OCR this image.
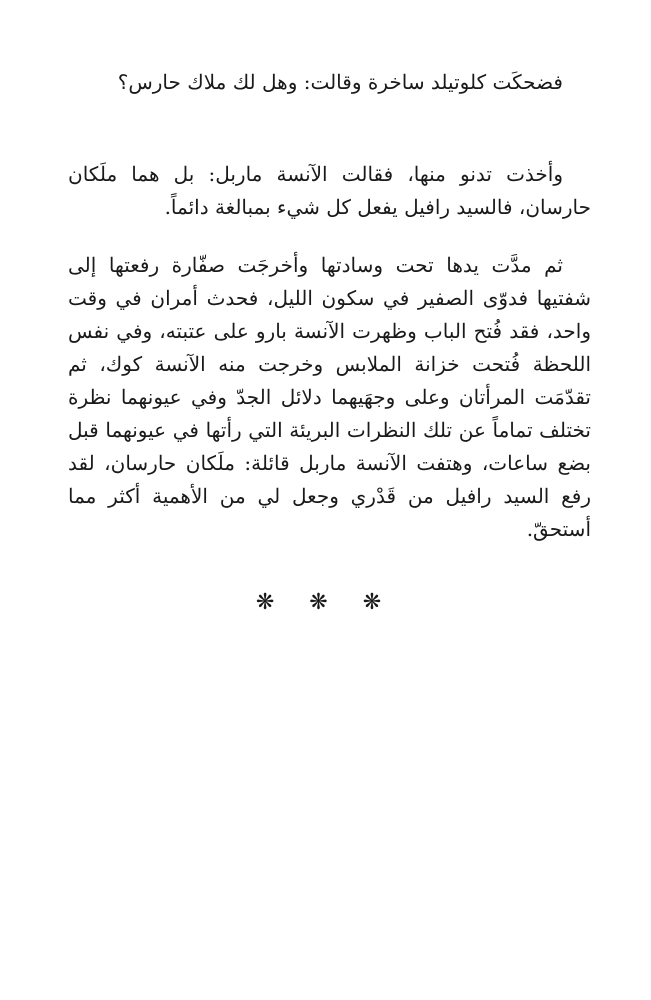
فضحكَت كلوتيلد ساخرة وقالت: وهل لك ملاك حارس؟

وأخذت تدنو منها، فقالت الآنسة ماربل: بل هما ملَكان حارسان، فالسيد رافيل يفعل كل شيء بمبالغة دائماً.

ثم مدَّت يدها تحت وسادتها وأخرجَت صفّارة رفعتها إلى شفتيها فدوّى الصفير في سكون الليل، فحدث أمران في وقت واحد، فقد فُتح الباب وظهرت الآنسة بارو على عتبته، وفي نفس اللحظة فُتحت خزانة الملابس وخرجت منه الآنسة كوك، ثم تقدّمَت المرأتان وعلى وجهَيهما دلائل الجدّ وفي عيونهما نظرة تختلف تماماً عن تلك النظرات البريئة التي رأتها في عيونهما قبل بضع ساعات، وهتفت الآنسة ماربل قائلة: ملَكان حارسان، لقد رفع السيد رافيل من قَدْري وجعل لي من الأهمية أكثر مما أستحقّ.

❋ ❋ ❋
